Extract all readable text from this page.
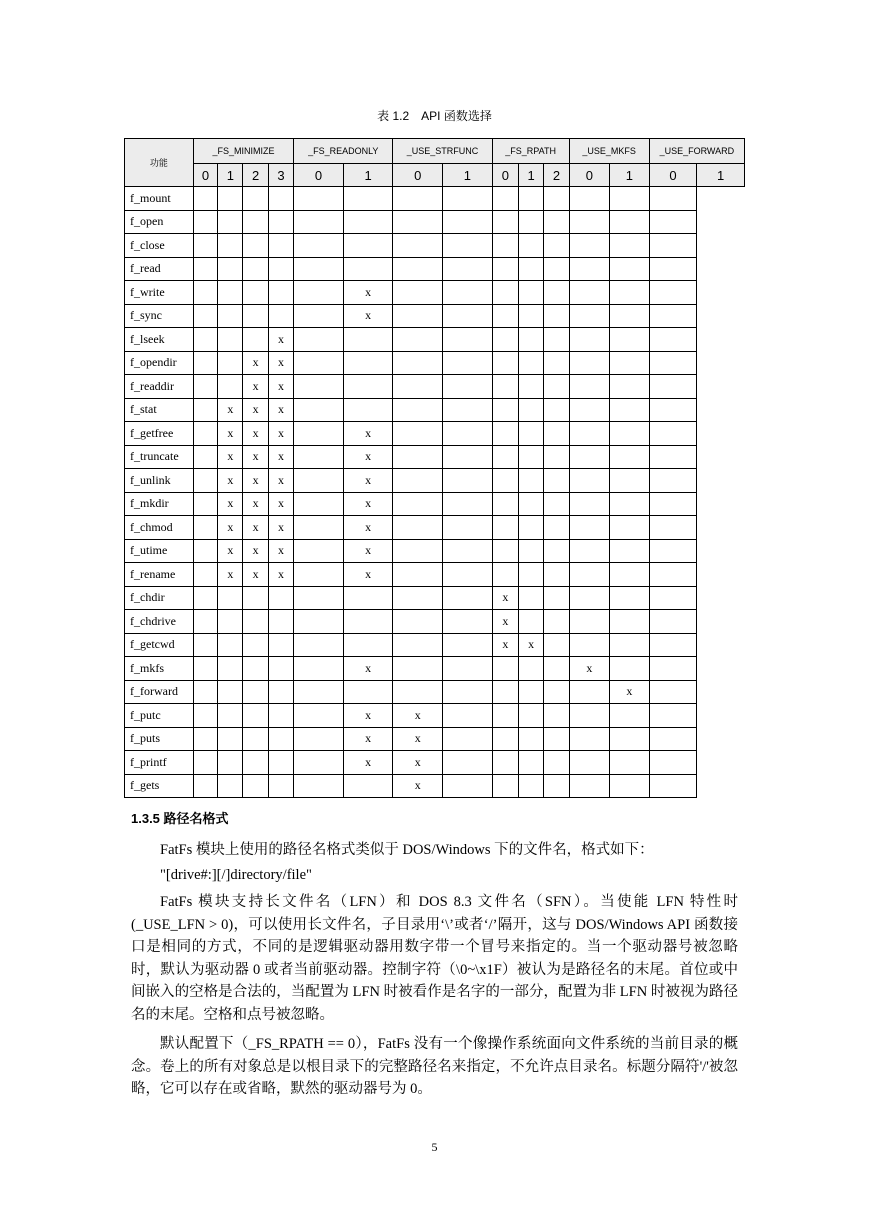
表 1.2　API 函数选择
功能	_FS_MINIMIZE				_FS_READONLY		_USE_STRFUNC		_FS_RPATH			_USE_MKFS		_USE_FORWARD	
	0	1	2	3	0	1	0	1	0	1	2	0	1	0	1
f_mount															
f_open															
f_close															
f_read															
f_write						x									
f_sync						x									
f_lseek				x											
f_opendir			x	x											
f_readdir			x	x											
f_stat		x	x	x											
f_getfree		x	x	x		x									
f_truncate		x	x	x		x									
f_unlink		x	x	x		x									
f_mkdir		x	x	x		x									
f_chmod		x	x	x		x									
f_utime		x	x	x		x									
f_rename		x	x	x		x									
f_chdir									x						
f_chdrive									x						
f_getcwd									x	x					
f_mkfs						x						x			
f_forward													x		
f_putc						x	x								
f_puts						x	x								
f_printf						x	x								
f_gets							x								
1.3.5 路径名格式

FatFs 模块上使用的路径名格式类似于 DOS/Windows 下的文件名，格式如下：

"[drive#:][/]directory/file"

FatFs 模块支持长文件名（LFN）和 DOS 8.3 文件名（SFN）。当使能 LFN 特性时 (_USE_LFN > 0)，可以使用长文件名，子目录用‘\’或者‘/’隔开，这与 DOS/Windows API 函数接口是相同的方式，不同的是逻辑驱动器用数字带一个冒号来指定的。当一个驱动器号被忽略时，默认为驱动器 0 或者当前驱动器。控制字符（\0~\x1F）被认为是路径名的末尾。首位或中间嵌入的空格是合法的，当配置为 LFN 时被看作是名字的一部分，配置为非 LFN 时被视为路径名的末尾。空格和点号被忽略。

默认配置下（_FS_RPATH == 0），FatFs 没有一个像操作系统面向文件系统的当前目录的概念。卷上的所有对象总是以根目录下的完整路径名来指定，不允许点目录名。标题分隔符'/'被忽略，它可以存在或省略，默然的驱动器号为 0。

5
